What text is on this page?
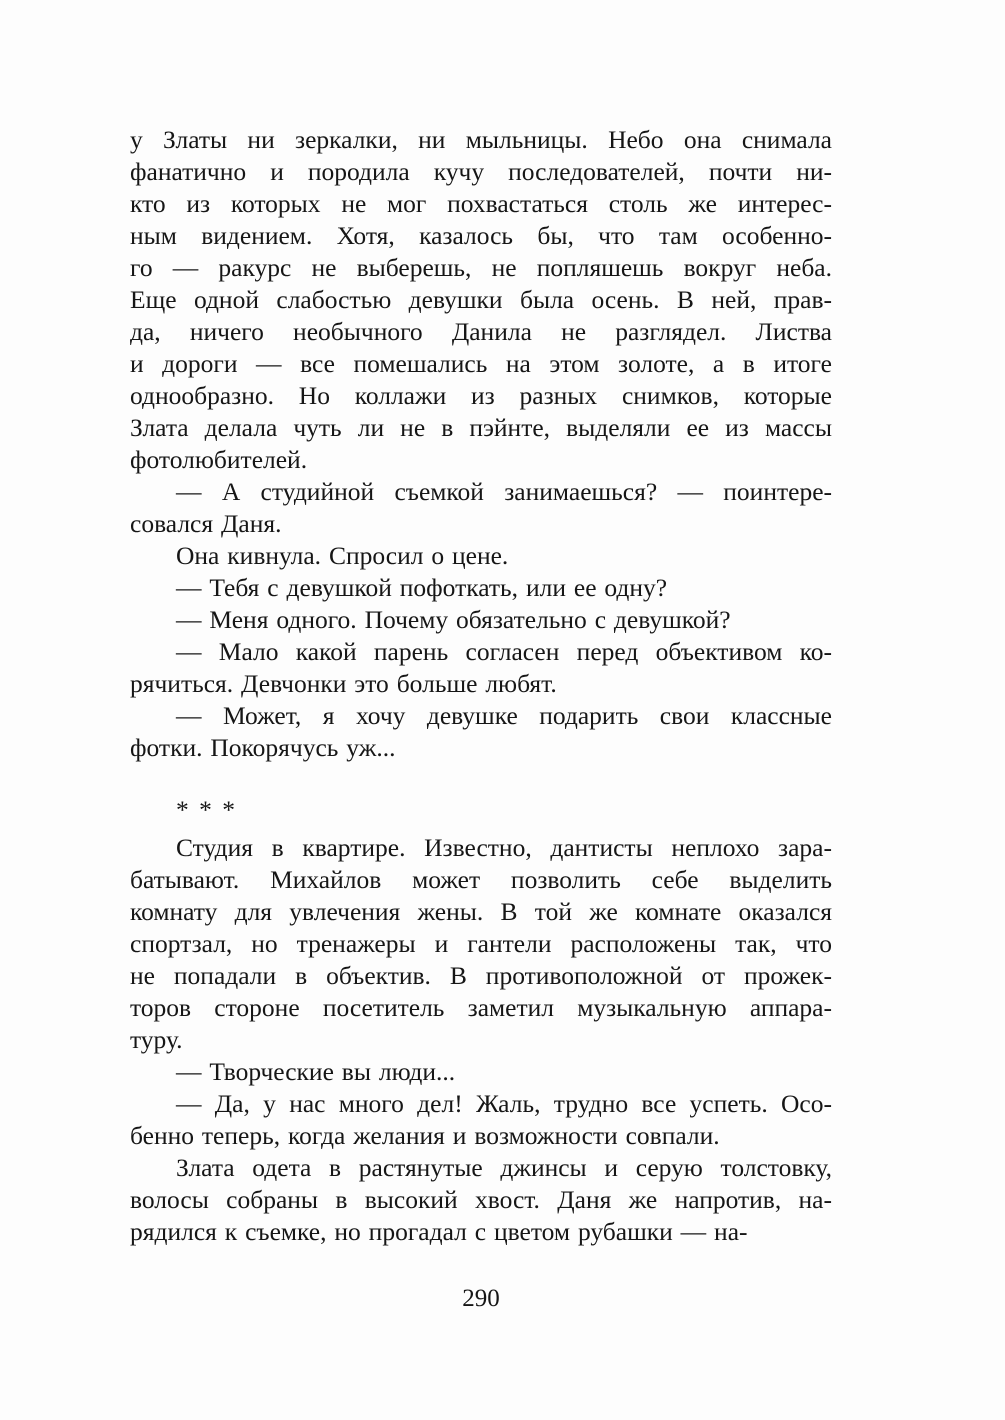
у Златы ни зеркалки, ни мыльницы. Небо она снимала
фанатично и породила кучу последователей, почти ни-
кто из которых не мог похвастаться столь же интерес-
ным видением. Хотя, казалось бы, что там особенно-
го — ракурс не выберешь, не попляшешь вокруг неба.
Еще одной слабостью девушки была осень. В ней, прав-
да, ничего необычного Данила не разглядел. Листва
и дороги — все помешались на этом золоте, а в итоге
однообразно. Но коллажи из разных снимков, которые
Злата делала чуть ли не в пэйнте, выделяли ее из массы
фотолюбителей.
— А студийной съемкой занимаешься? — поинтере-
совался Даня.
Она кивнула. Спросил о цене.
— Тебя с девушкой пофоткать, или ее одну?
— Меня одного. Почему обязательно с девушкой?
— Мало какой парень согласен перед объективом ко-
рячиться. Девчонки это больше любят.
— Может, я хочу девушке подарить свои классные
фотки. Покорячусь уж...
* * *
Студия в квартире. Известно, дантисты неплохо зара-
батывают. Михайлов может позволить себе выделить
комнату для увлечения жены. В той же комнате оказался
спортзал, но тренажеры и гантели расположены так, что
не попадали в объектив. В противоположной от прожек-
торов стороне посетитель заметил музыкальную аппара-
туру.
— Творческие вы люди...
— Да, у нас много дел! Жаль, трудно все успеть. Осо-
бенно теперь, когда желания и возможности совпали.
Злата одета в растянутые джинсы и серую толстовку,
волосы собраны в высокий хвост. Даня же напротив, на-
рядился к съемке, но прогадал с цветом рубашки — на-
290
